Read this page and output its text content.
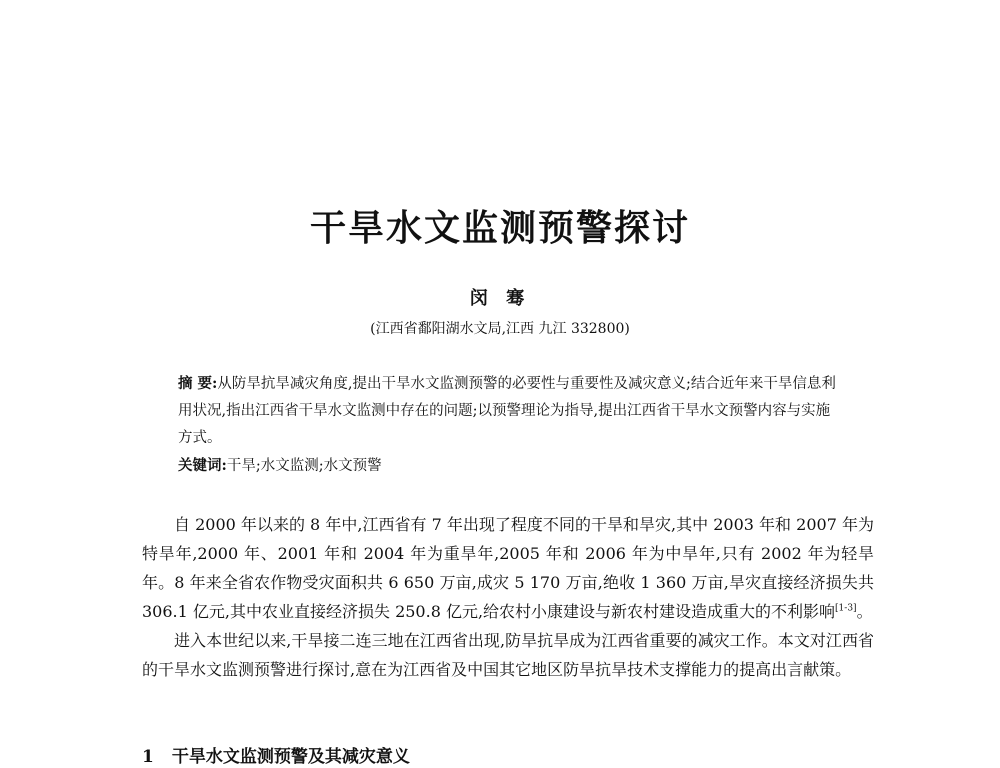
干旱水文监测预警探讨
闵 骞
(江西省鄱阳湖水文局,江西 九江 332800)
摘 要:从防旱抗旱减灾角度,提出干旱水文监测预警的必要性与重要性及减灾意义;结合近年来干旱信息利用状况,指出江西省干旱水文监测中存在的问题;以预警理论为指导,提出江西省干旱水文预警内容与实施方式。
关键词:干旱;水文监测;水文预警

自 2000 年以来的 8 年中,江西省有 7 年出现了程度不同的干旱和旱灾,其中 2003 年和 2007 年为特旱年,2000 年、2001 年和 2004 年为重旱年,2005 年和 2006 年为中旱年,只有 2002 年为轻旱年。8 年来全省农作物受灾面积共 6 650 万亩,成灾 5 170 万亩,绝收 1 360 万亩,旱灾直接经济损失共 306.1 亿元,其中农业直接经济损失 250.8 亿元,给农村小康建设与新农村建设造成重大的不利影响[1-3]。

进入本世纪以来,干旱接二连三地在江西省出现,防旱抗旱成为江西省重要的减灾工作。本文对江西省的干旱水文监测预警进行探讨,意在为江西省及中国其它地区防旱抗旱技术支撑能力的提高出言献策。

1 干旱水文监测预警及其减灾意义
